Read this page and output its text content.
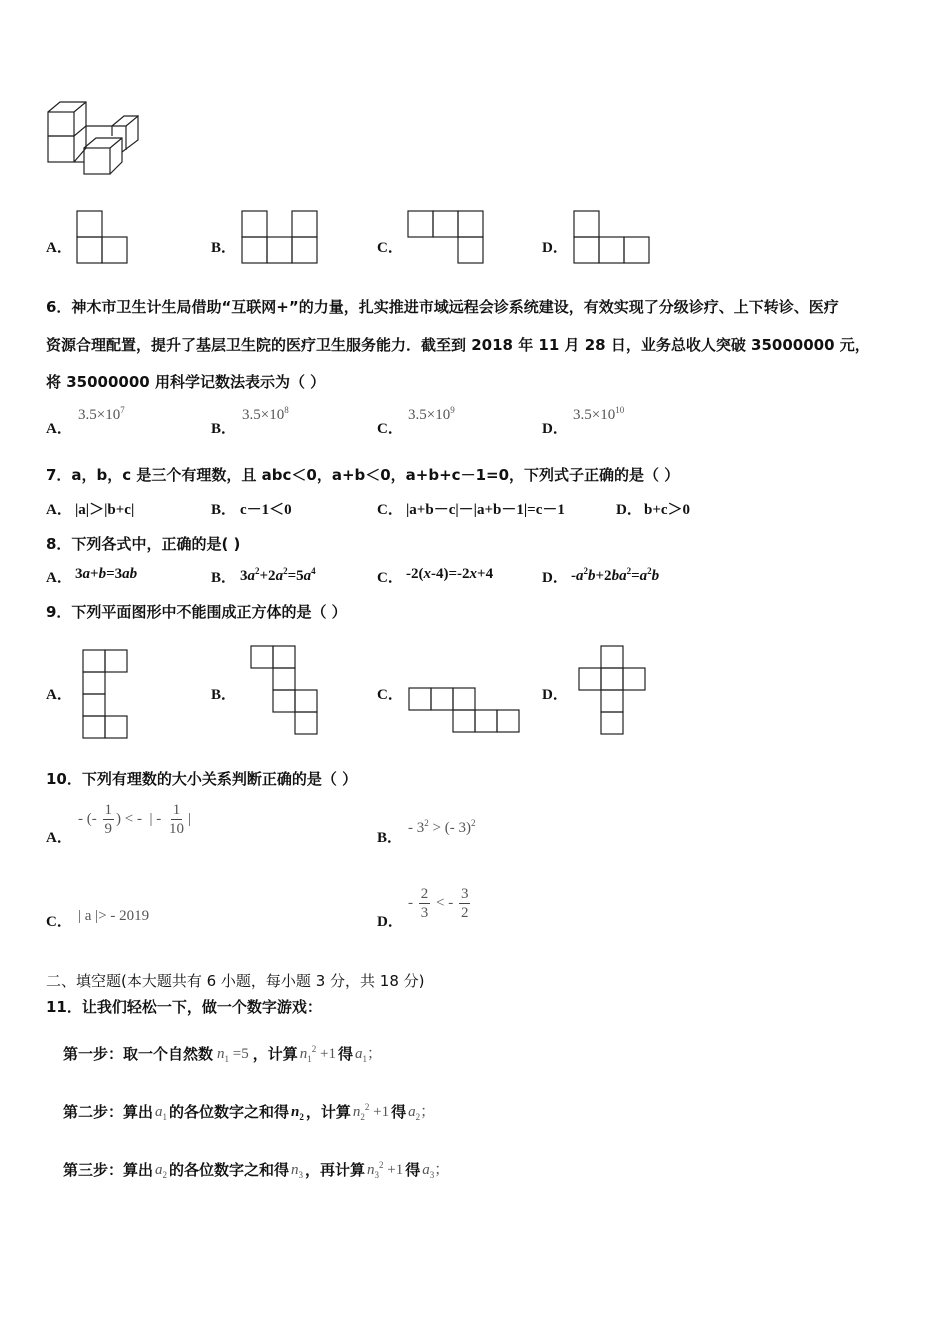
A．	B．	C．	D．
6．神木市卫生计生局借助“互联网+”的力量，扎实推进市域远程会诊系统建设，有效实现了分级诊疗、上下转诊、医疗
资源合理配置，提升了基层卫生院的医疗卫生服务能力．截至到 2018 年 11 月 28 日，业务总收人突破 35000000 元，
将 35000000 用科学记数法表示为（ ）
A．
$3.5\times 10^7$
B．
$3.5\times 10^8$
C．
$3.5\times 10^9$
D．
$3.5\times 10^{10}$
7．a，b，c 是三个有理数，且 abc＜0，a+b＜0，a+b+c－1=0，下列式子正确的是（ ）
A． |a|＞|b+c|	B． c－1＜0	C． |a+b－c|－|a+b－1|=c－1	D． b+c＞0
8．下列各式中，正确的是( )
A． 3a+b=3ab	B． $3a^2+2a^2=5a^4$	C． -2(x-4)=-2x+4	D． $-a^2b+2ba^2=a^2b$
9．下列平面图形中不能围成正方体的是（ ）
A．	B．	C．	D．
10．下列有理数的大小关系判断正确的是（ ）
A．
- (- $\frac{1}{9}$ ) < -  | - $\frac{1}{10}$ |
B．
- $3^2$ > (- 3)$^2$
C． | a |> - 2019	D．
- $\frac{2}{3}$ < - $\frac{3}{2}$
二、填空题(本大题共有 6 小题，每小题 3 分，共 18 分)
11．让我们轻松一下，做一个数字游戏：
第一步：取一个自然数 $n_1 =5$ ，计算 $n_1^2 +1$ 得 $a_1$；
第二步：算出 $a_1$ 的各位数字之和得 $n_2$ ，计算 $n_2^2 +1$ 得 $a_2$；
第三步：算出 $a_2$ 的各位数字之和得 $n_3$ ，再计算 $n_3^2 +1$ 得 $a_3$；
